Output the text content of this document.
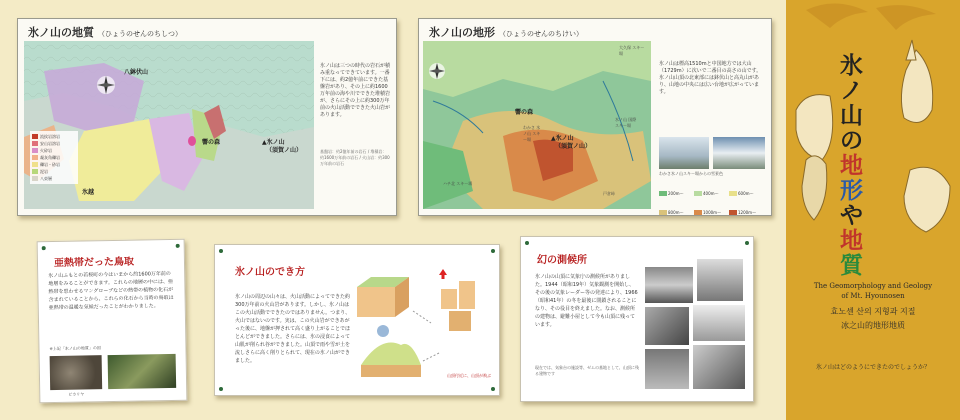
氷ノ山の地質 （ひょうのせんのちしつ）
流紋岩溶岩
安山岩溶岩
火砕岩
凝灰角礫岩
礫岩・砂岩
泥岩
八束層
八鉢伏山
響の森	▲氷ノ山
（須賀ノ山）
氷越
氷ノ山は三つの時代の岩石が積み重なってできています。一番下には、約2億年前にできた基盤岩があり、その上に約1600万年前の海や川でできた堆積岩が、さらにその上に約300万年前の火山活動でできた火山岩があります。
基盤岩：約2億年前の岩石 / 堆積岩：約1600万年前の岩石 / 火山岩：約300万年前の岩石
氷ノ山の地形 （ひょうのせんのちけい）
響の森
▲氷ノ山
（須賀ノ山）
わかさ 氷ノ山 スキー場
氷ノ山 国際 スキー場
大久保 スキー場
ハチ北 スキー場
戸倉峠
氷ノ山は標高1510mと中国地方では大山（1729m）に次いで二番目の高さの山です。氷ノ山山頂の北東部には鉢伏山と高丸山があり、山地の中央には広い台地が広がっています。
わかさ氷ノ山スキー場からの雪景色
200m〜	400m〜	600m〜
800m〜	1000m〜	1200m〜
亜熱帯だった鳥取
氷ノ山ふもとの若桜町の今はいまから約1600万年前の地層をみることができます。これらの地層の中には、亜熱帯を思わせるマングローブなどの熱帯の植物の化石が含まれていることから、これらの化石から当時の鳥取は亜熱帯の温暖な気候だったことがわかりました。
※上記「氷ノ山の地質」の図
ビカリヤ
氷ノ山のでき方
氷ノ山の周辺の山々は、火山活動によってできた約300万年前の火山岩があります。しかし、氷ノ山はこの火山活動でできたのではありません。つまり、火山ではないのです。実は、この火山岩ができあがった後に、地盤が押されて高く盛り上がることでほとんどができました。さらには、氷の浸食によって山肌が削られ谷ができました。山頂で雨や雪が土を流しさらに高く削りとられて、現在の氷ノ山ができました。
山頂付近に、山頂が飛ぶ
幻の測候所
氷ノ山の山頂に気象庁の測候所がありました。1944（昭和19年）気象観測を開始し、その後の気象レーダー等の発達により、1966（昭和41年）の冬を最後に閉鎖されることになり、その役目を終えました。なお、測候所の建物は、避難小屋として今も山頂に残っています。
現在では、気象台の施設等、ゼムの基地として、山頂に残る建物です
The Geomorphology and Geology
of Mt. Hyounosen
효노센 산의 지형과 지질
冰之山的地形地质
氷ノ山はどのようにできたのでしょうか？
氷
ノ
山
の
地
形
や
地
質
